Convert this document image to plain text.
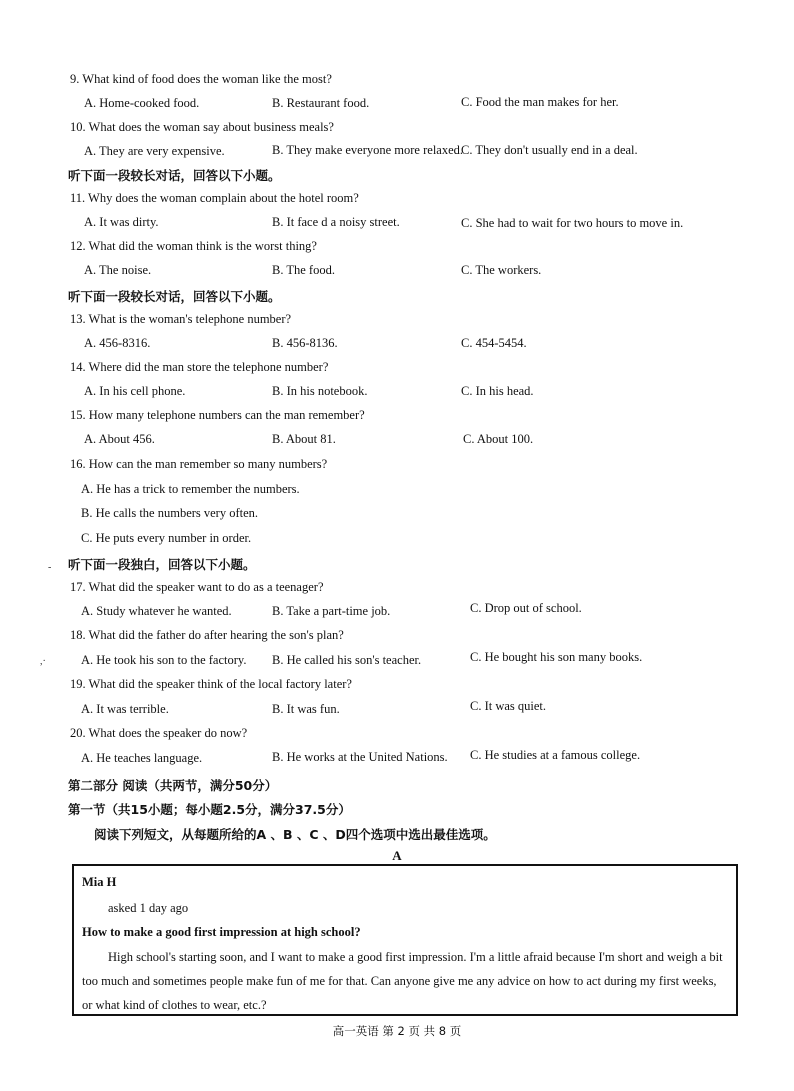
9. What kind of food does the woman like the most?
A. Home-cooked food.	B. Restaurant food.	C. Food the man makes for her.
10. What does the woman say about business meals?
A. They are very expensive.	B. They make everyone more relaxed.
C. They don't usually end in a deal.
听下面一段较长对话，回答以下小题。
11. Why does the woman complain about the hotel room?
A. It was dirty.	B. It face d a noisy street.	C. She had to wait for two hours to move in.
12. What did the woman think is the worst thing?
A. The noise.	B. The food.	C. The workers.
听下面一段较长对话，回答以下小题。
13. What is the woman's telephone number?
A. 456-8316.	B. 456-8136.	C. 454-5454.
14. Where did the man store the telephone number?
A. In his cell phone.	B. In his notebook.	C. In his head.
15. How many telephone numbers can the man remember?
A. About 456.	B. About 81.	C. About 100.
16. How can the man remember so many numbers?
A. He has a trick to remember the numbers.
B. He calls the numbers very often.
C. He puts every number in order.
听下面一段独白，回答以下小题。
-
17. What did the speaker want to do as a teenager?
A. Study whatever he wanted.	B. Take a part-time job.	C. Drop out of school.
18. What did the father do after hearing the son's plan?
,·	A. He took his son to the factory. B. He called his son's teacher.	C. He bought his son many books.
19. What did the speaker think of the local factory later?
A. It was terrible.	B. It was fun.	C. It was quiet.
20. What does the speaker do now?
A. He teaches language.	B. He works at the United Nations. C. He studies at a famous college.
第二部分 阅读（共两节，满分50分）
第一节（共15小题；每小题2.5分，满分37.5分）
阅读下列短文，从每题所给的A 、B 、C 、D四个选项中选出最佳选项。
A
Mia H
asked 1 day ago
How to make a good first impression at high school?
High school's starting soon, and I want to make a good first impression. I'm a little afraid because I'm short and weigh a bit
too much and sometimes people make fun of me for that. Can anyone give me any advice on how to act during my first weeks,
or what kind of clothes to wear, etc.?
高一英语 第 2 页 共 8 页
